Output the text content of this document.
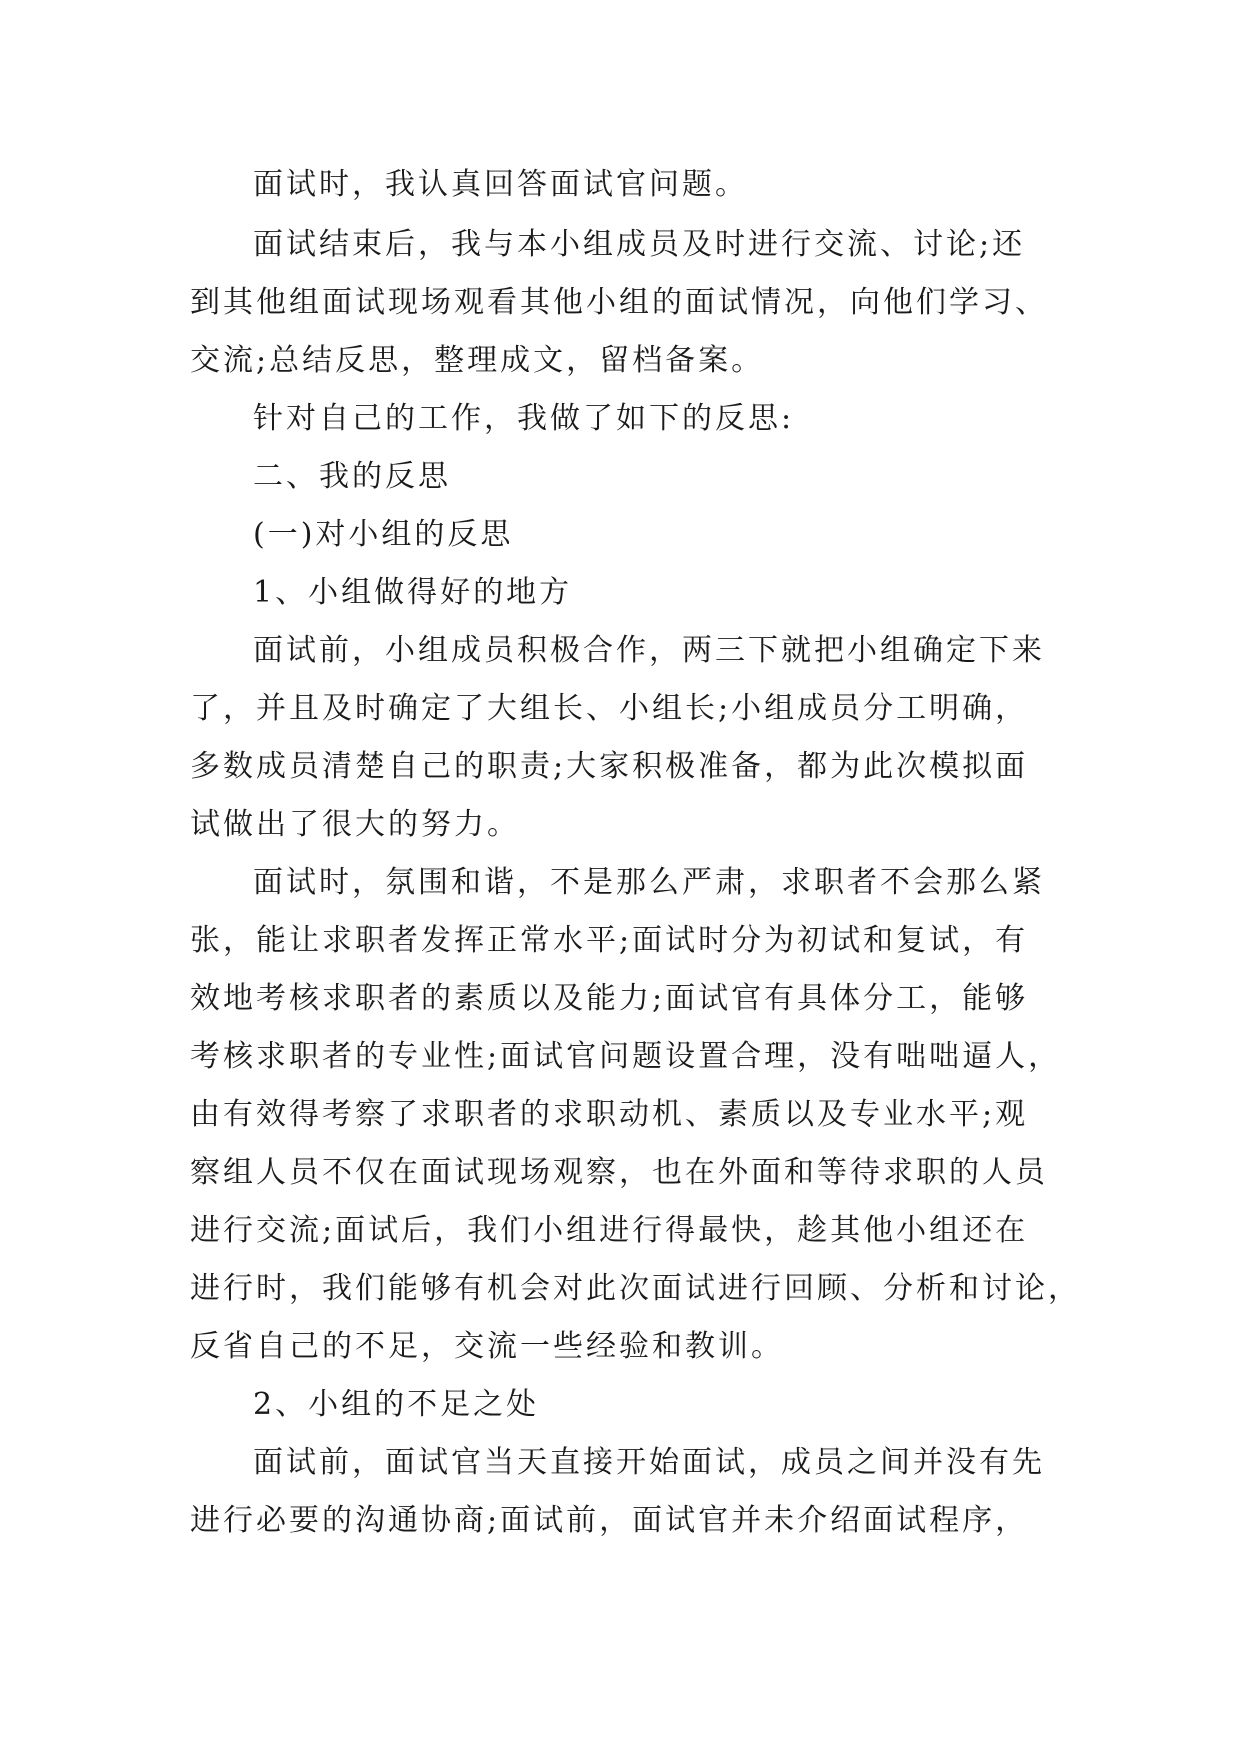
面试时，我认真回答面试官问题。
面试结束后，我与本小组成员及时进行交流、讨论;还
到其他组面试现场观看其他小组的面试情况，向他们学习、
交流;总结反思，整理成文，留档备案。
针对自己的工作，我做了如下的反思:
二、我的反思
(一)对小组的反思
1、小组做得好的地方
面试前，小组成员积极合作，两三下就把小组确定下来
了，并且及时确定了大组长、小组长;小组成员分工明确，
多数成员清楚自己的职责;大家积极准备，都为此次模拟面
试做出了很大的努力。
面试时，氛围和谐，不是那么严肃，求职者不会那么紧
张，能让求职者发挥正常水平;面试时分为初试和复试，有
效地考核求职者的素质以及能力;面试官有具体分工，能够
考核求职者的专业性;面试官问题设置合理，没有咄咄逼人，
由有效得考察了求职者的求职动机、素质以及专业水平;观
察组人员不仅在面试现场观察，也在外面和等待求职的人员
进行交流;面试后，我们小组进行得最快，趁其他小组还在
进行时，我们能够有机会对此次面试进行回顾、分析和讨论，
反省自己的不足，交流一些经验和教训。
2、小组的不足之处
面试前，面试官当天直接开始面试，成员之间并没有先
进行必要的沟通协商;面试前，面试官并未介绍面试程序，
